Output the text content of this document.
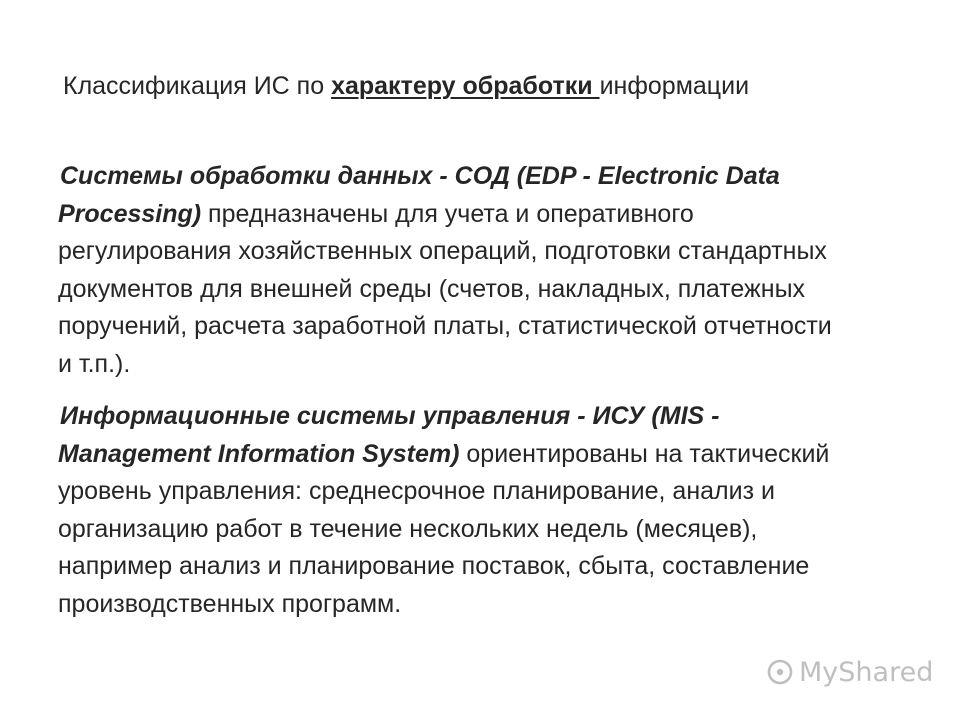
Классификация ИС по характеру обработки информации
Системы обработки данных - СОД (EDP - Electronic Data Processing) предназначены для учета и оперативного регулирования хозяйственных операций, подготовки стандартных документов для внешней среды (счетов, накладных, платежных поручений, расчета заработной платы, статистической отчетности и т.п.).
Информационные системы управления - ИСУ (MIS - Management Information System) ориентированы на тактический уровень управления: среднесрочное планирование, анализ и организацию работ в течение нескольких недель (месяцев), например анализ и планирование поставок, сбыта, составление производственных программ.
MyShared
